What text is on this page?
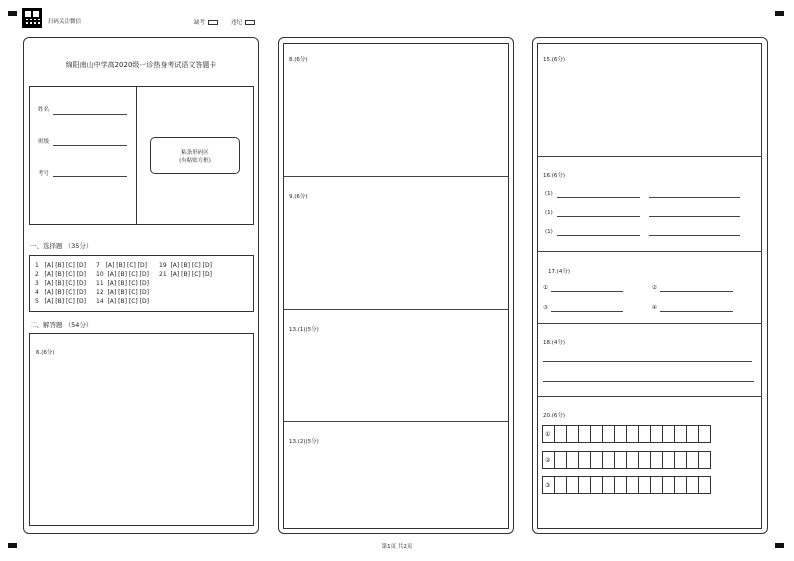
扫码关注微信	缺考	违纪
绵阳南山中学高2020级一诊热身考试语文答题卡
姓名
班级
考号
粘条形码区
(有粘贴方框)
一、选择题 （35分）
1   [A] [B] [C] [D] 7   [A] [B] [C] [D] 19  [A] [B] [C] [D]
2   [A] [B] [C] [D] 10  [A] [B] [C] [D] 21  [A] [B] [C] [D]
3   [A] [B] [C] [D] 11  [A] [B] [C] [D]
4   [A] [B] [C] [D] 12  [A] [B] [C] [D]
5   [A] [B] [C] [D] 14  [A] [B] [C] [D]
二、解答题 （54分）
6.(6分)
8.(6分)
9.(6分)
13.(1)(5分)
13.(2)(5分)
15.(6分)
16.(6分)
(1)
(1)
(1)
17.(4分)
①	②
③	④
18.(4分)
20.(6分)
①
②
③
第1页 共2页
